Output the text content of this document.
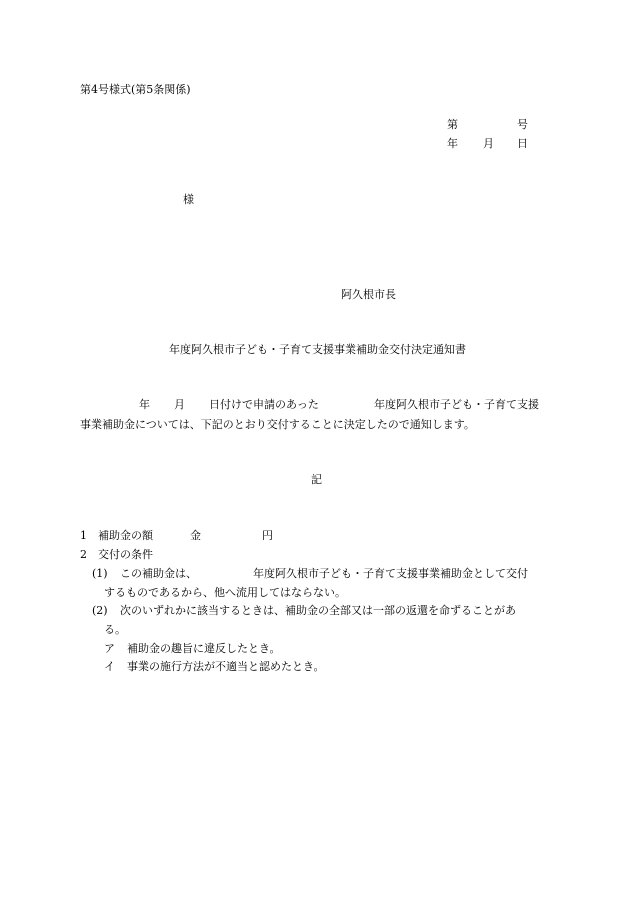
第4号様式(第5条関係)
第	号
年 月 日
様
阿久根市長
年度阿久根市子ども・子育て支援事業補助金交付決定通知書
年 月 日付けで申請のあった	年度阿久根市子ども・子育て支援
事業補助金については、下記のとおり交付することに決定したので通知します。
記
1 補助金の額	金	円
2 交付の条件
(1) この補助金は、	年度阿久根市子ども・子育て支援事業補助金として交付
するものであるから、他へ流用してはならない。
(2) 次のいずれかに該当するときは、補助金の全部又は一部の返還を命ずることがあ
る。
ア 補助金の趣旨に違反したとき。
イ 事業の施行方法が不適当と認めたとき。
